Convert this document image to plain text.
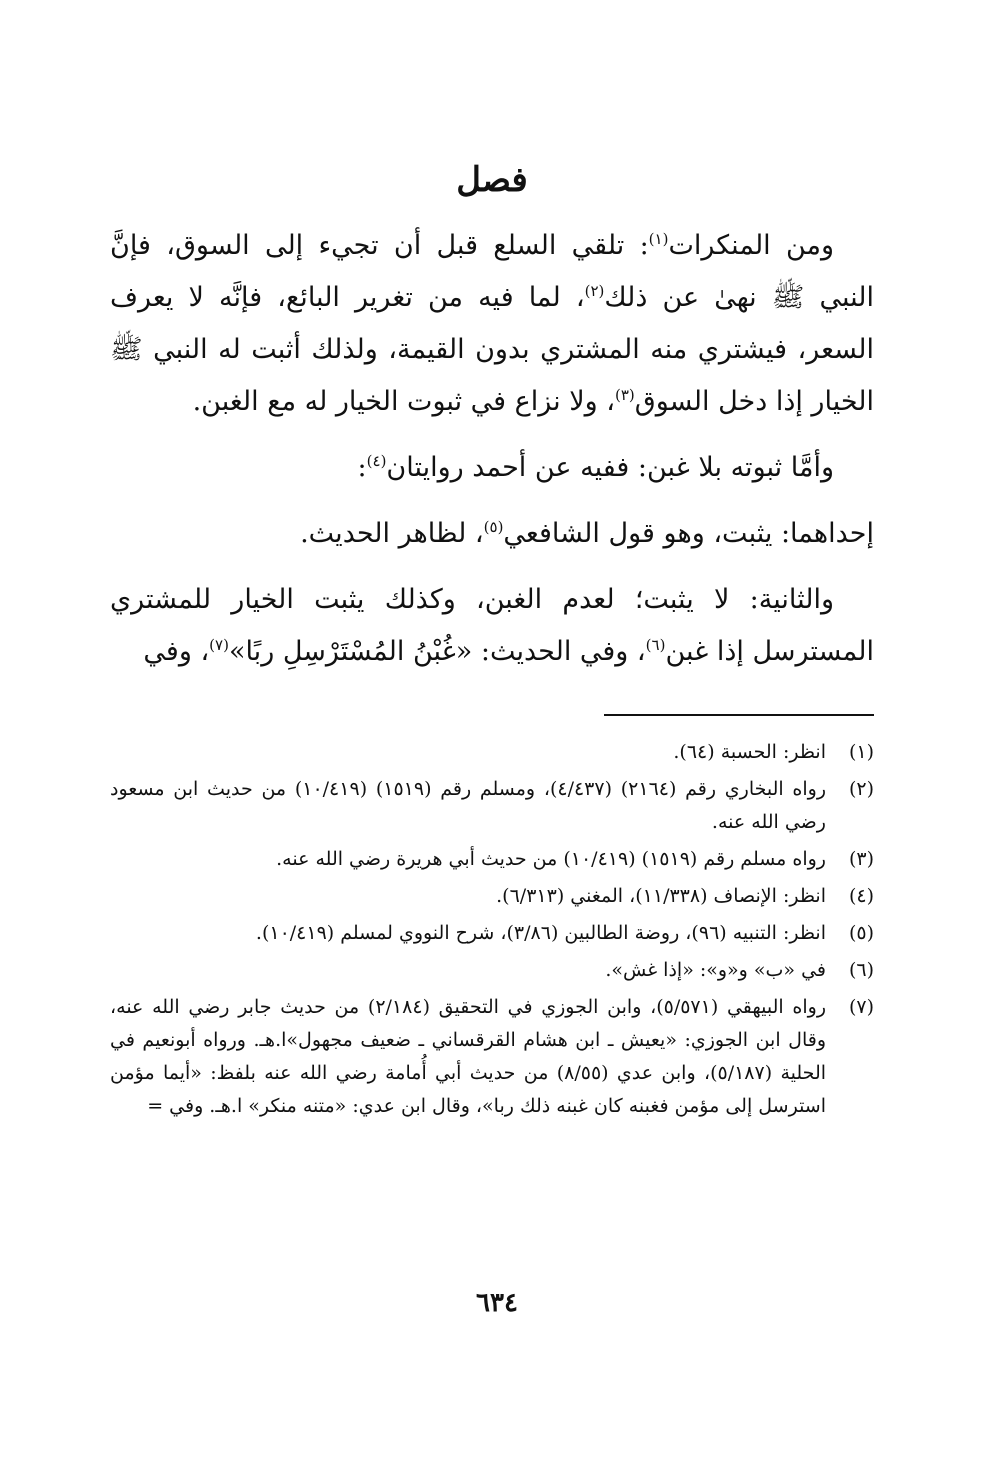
فصل

ومن المنكرات$^{(١)}$: تلقي السلع قبل أن تجيء إلى السوق، فإنَّ النبي ﷺ نهىٰ عن ذلك$^{(٢)}$، لما فيه من تغرير البائع، فإنَّه لا يعرف السعر، فيشتري منه المشتري بدون القيمة، ولذلك أثبت له النبي ﷺ الخيار إذا دخل السوق$^{(٣)}$، ولا نزاع في ثبوت الخيار له مع الغبن.

وأمَّا ثبوته بلا غبن: ففيه عن أحمد روايتان$^{(٤)}$:

إحداهما: يثبت، وهو قول الشافعي$^{(٥)}$، لظاهر الحديث.

والثانية: لا يثبت؛ لعدم الغبن، وكذلك يثبت الخيار للمشتري المسترسل إذا غبن$^{(٦)}$، وفي الحديث: «غُبْنُ المُسْتَرْسِلِ ربًا»$^{(٧)}$، وفي

(١)
انظر: الحسبة (٦٤).
(٢)
رواه البخاري رقم (٢١٦٤) (٤/٤٣٧)، ومسلم رقم (١٥١٩) (١٠/٤١٩) من حديث ابن مسعود رضي الله عنه.
(٣)
رواه مسلم رقم (١٥١٩) (١٠/٤١٩) من حديث أبي هريرة رضي الله عنه.
(٤)
انظر: الإنصاف (١١/٣٣٨)، المغني (٦/٣١٣).
(٥)
انظر: التنبيه (٩٦)، روضة الطالبين (٣/٨٦)، شرح النووي لمسلم (١٠/٤١٩).
(٦)
في «ب» و«و»: «إذا غش».
(٧)
رواه البيهقي (٥/٥٧١)، وابن الجوزي في التحقيق (٢/١٨٤) من حديث جابر رضي الله عنه، وقال ابن الجوزي: «يعيش ـ ابن هشام القرقساني ـ ضعيف مجهول»ا.هـ. ورواه أبونعيم في الحلية (٥/١٨٧)، وابن عدي (٨/٥٥) من حديث أبي أُمامة رضي الله عنه بلفظ: «أيما مؤمن استرسل إلى مؤمن فغبنه كان غبنه ذلك ربا»، وقال ابن عدي: «متنه منكر» ا.هـ. وفي =
٦٣٤
